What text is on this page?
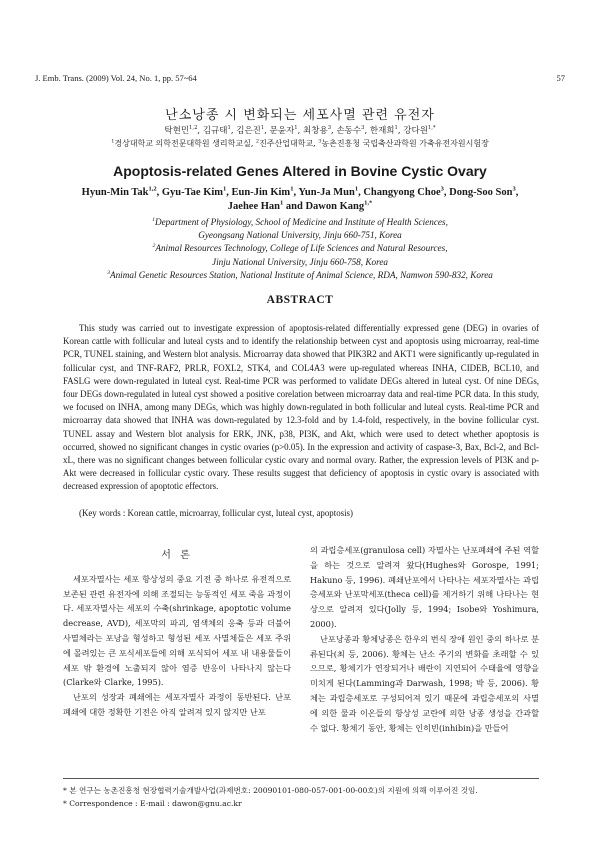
J. Emb. Trans. (2009) Vol. 24, No. 1, pp. 57~64	57
난소낭종 시 변화되는 세포사멸 관련 유전자
탁현민$^{1,2}$, 김규태$^1$, 김은진$^1$, 문윤자$^1$, 최창용$^3$, 손동수$^3$, 한재희$^1$, 강다원$^{1,*}$
$^1$경상대학교 의학전문대학원 생리학교실, $^2$진주산업대학교, $^3$농촌진흥청 국립축산과학원 가축유전자원시험장
Apoptosis-related Genes Altered in Bovine Cystic Ovary
Hyun-Min Tak$^{1,2}$, Gyu-Tae Kim$^1$, Eun-Jin Kim$^1$, Yun-Ja Mun$^1$, Changyong Choe$^3$, Dong-Soo Son$^3$,
Jaehee Han$^1$ and Dawon Kang$^{1,*}$
$^1$Department of Physiology, School of Medicine and Institute of Health Sciences,
Gyeongsang National University, Jinju 660-751, Korea
$^2$Animal Resources Technology, College of Life Sciences and Natural Resources,
Jinju National University, Jinju 660-758, Korea
$^3$Animal Genetic Resources Station, National Institute of Animal Science, RDA, Namwon 590-832, Korea
ABSTRACT
This study was carried out to investigate expression of apoptosis-related differentially expressed gene (DEG) in ovaries of Korean cattle with follicular and luteal cysts and to identify the relationship between cyst and apoptosis using microarray, real-time PCR, TUNEL staining, and Western blot analysis. Microarray data showed that PIK3R2 and AKT1 were significantly up-regulated in follicular cyst, and TNF-RAF2, PRLR, FOXL2, STK4, and COL4A3 were up-regulated whereas INHA, CIDEB, BCL10, and FASLG were down-regulated in luteal cyst. Real-time PCR was performed to validate DEGs altered in luteal cyst. Of nine DEGs, four DEGs down-regulated in luteal cyst showed a positive corelation between microarray data and real-time PCR data. In this study, we focused on INHA, among many DEGs, which was highly down-regulated in both follicular and luteal cysts. Real-time PCR and microarray data showed that INHA was down-regulated by 12.3-fold and by 1.4-fold, respectively, in the bovine follicular cyst. TUNEL assay and Western blot analysis for ERK, JNK, p38, PI3K, and Akt, which were used to detect whether apoptosis is occurred, showed no significant changes in cystic ovaries (p>0.05). In the expression and activity of caspase-3, Bax, Bcl-2, and Bcl-xL, there was no significant changes between follicular cystic ovary and normal ovary. Rather, the expression levels of PI3K and p-Akt were decreased in follicular cystic ovary. These results suggest that deficiency of apoptosis in cystic ovary is associated with decreased expression of apoptotic effectors.
(Key words : Korean cattle, microarray, follicular cyst, luteal cyst, apoptosis)
서 론

세포자멸사는 세포 항상성의 중요 기전 중 하나로 유전적으로 보존된 관련 유전자에 의해 조절되는 능동적인 세포 죽음 과정이다. 세포자멸사는 세포의 수축(shrinkage, apoptotic volume decrease, AVD), 세포막의 파괴, 염색체의 응축 등과 더불어 사멸체라는 포낭을 형성하고 형성된 세포 사멸체들은 세포 주위에 몰려있는 큰 포식세포들에 의해 포식되어 세포 내 내용물들이 세포 밖 환경에 노출되지 않아 염증 반응이 나타나지 않는다(Clarke와 Clarke, 1995).

난포의 성장과 폐쇄에는 세포자멸사 과정이 동반된다. 난포 폐쇄에 대한 정확한 기전은 아직 알려져 있지 않지만 난포

의 과립층세포(granulosa cell) 자멸사는 난포폐쇄에 주된 역할을 하는 것으로 알려져 왔다(Hughes와 Gorospe, 1991; Hakuno 등, 1996). 폐쇄난포에서 나타나는 세포자멸사는 과립층세포와 난포막세포(theca cell)를 제거하기 위해 나타나는 현상으로 알려져 있다(Jolly 등, 1994; Isobe와 Yoshimura, 2000).

난포낭종과 황체낭종은 한우의 번식 장애 원인 중의 하나로 분류된다(최 등, 2006). 황체는 난소 주기의 변화를 초래할 수 있으므로, 황체기가 연장되거나 배란이 지연되어 수태율에 영향을 미치게 된다(Lamming과 Darwash, 1998; 박 등, 2006). 황체는 과립층세포로 구성되어져 있기 때문에 과립층세포의 사멸에 의한 물과 이온들의 항상성 교란에 의한 낭종 생성을 간과할 수 없다. 황체기 동안, 황체는 인히빈(inhibin)을 만들어

* 본 연구는 농촌진흥청 현장협력기술개발사업(과제번호: 20090101-080-057-001-00-00호)의 지원에 의해 이루어진 것임.
* Correspondence : E-mail : dawon@gnu.ac.kr
